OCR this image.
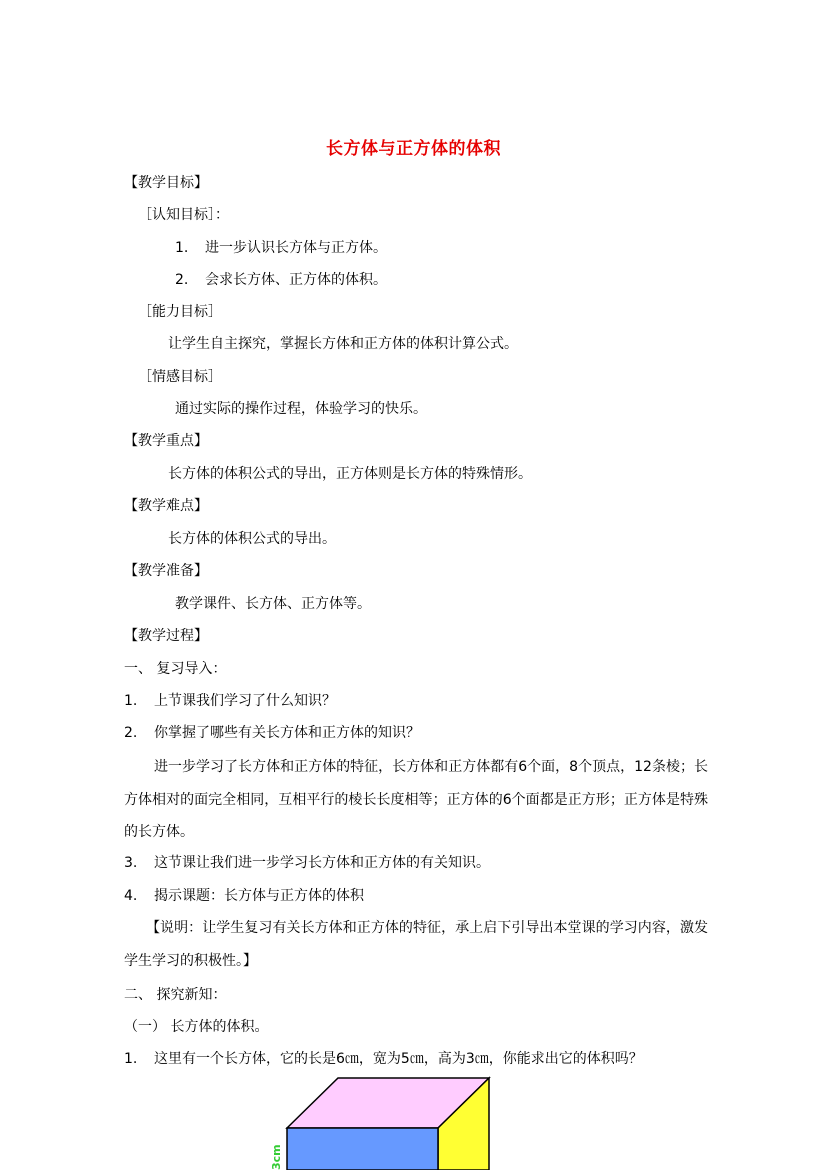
长方体与正方体的体积
【教学目标】
［认知目标］：
1. 进一步认识长方体与正方体。
2. 会求长方体、正方体的体积。
［能力目标］
让学生自主探究，掌握长方体和正方体的体积计算公式。
［情感目标］
通过实际的操作过程，体验学习的快乐。
【教学重点】
长方体的体积公式的导出，正方体则是长方体的特殊情形。
【教学难点】
长方体的体积公式的导出。
【教学准备】
教学课件、长方体、正方体等。
【教学过程】
一、 复习导入：
1. 上节课我们学习了什么知识？
2. 你掌握了哪些有关长方体和正方体的知识？
进一步学习了长方体和正方体的特征，长方体和正方体都有6个面，8个顶点，12条棱；长方体相对的面完全相同，互相平行的棱长长度相等；正方体的6个面都是正方形；正方体是特殊的长方体。
3. 这节课让我们进一步学习长方体和正方体的有关知识。
4. 揭示课题：长方体与正方体的体积
【说明：让学生复习有关长方体和正方体的特征，承上启下引导出本堂课的学习内容，激发学生学习的积极性。】
二、 探究新知：
（一） 长方体的体积。
1. 这里有一个长方体，它的长是6㎝，宽为5㎝，高为3㎝，你能求出它的体积吗？
3cm
